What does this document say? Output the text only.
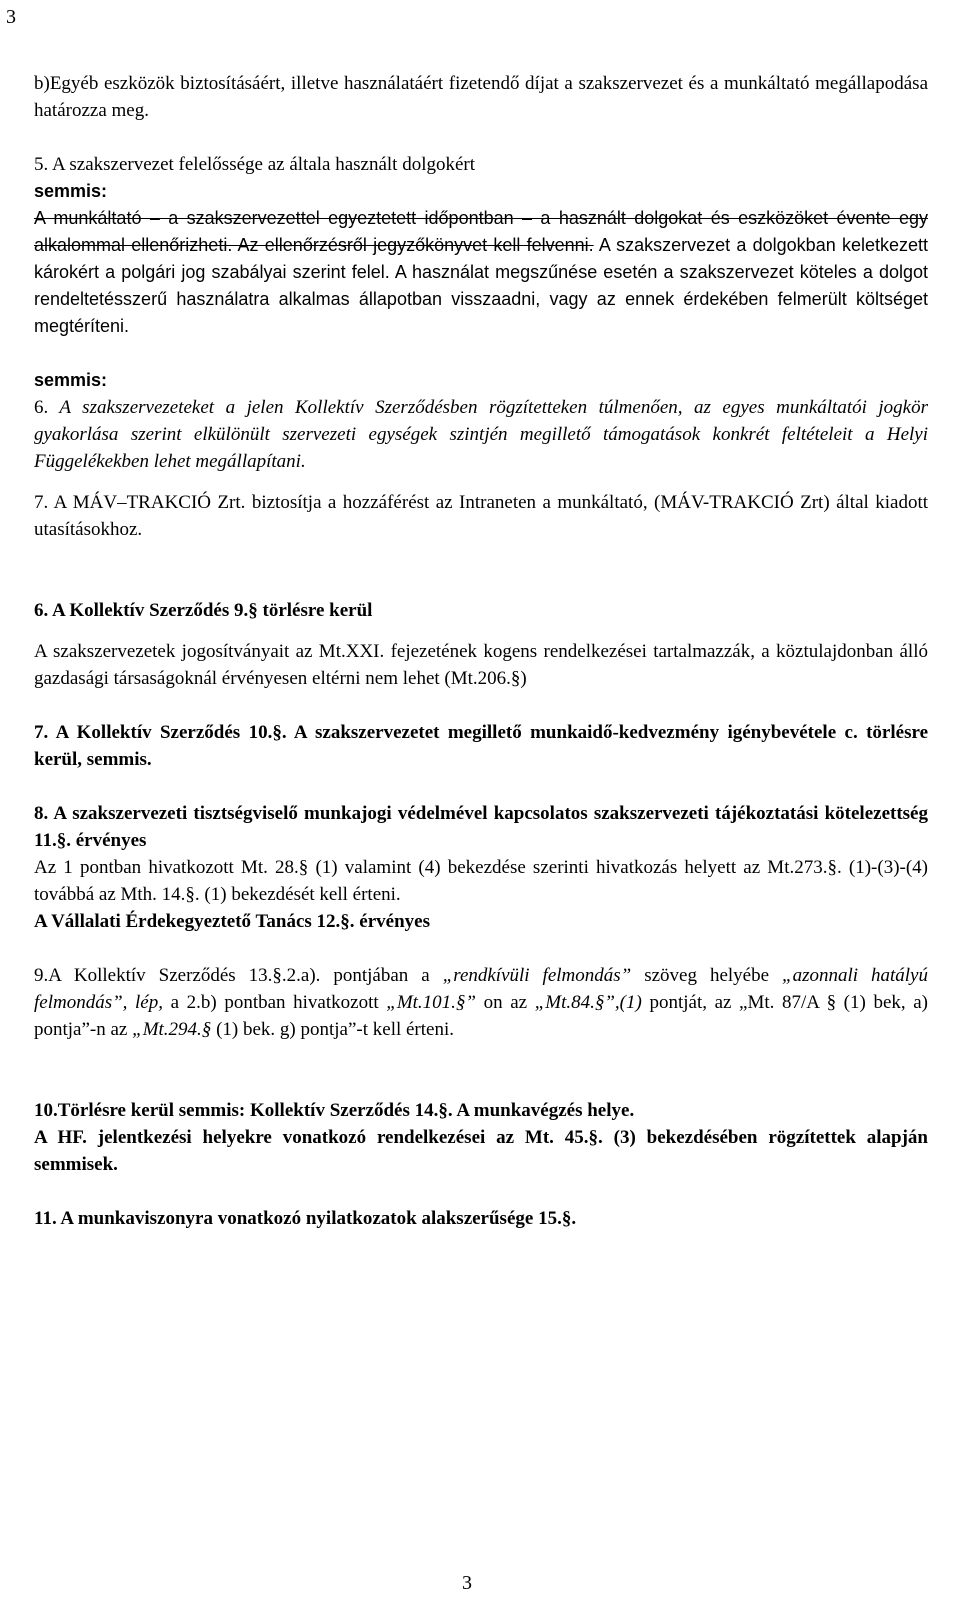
3

b)Egyéb eszközök biztosításáért, illetve használatáért fizetendő díjat a szakszervezet és a munkáltató megállapodása határozza meg.

5. A szakszervezet felelőssége az általa használt dolgokért

semmis:

A munkáltató – a szakszervezettel egyeztetett időpontban – a használt dolgokat és eszközöket évente egy alkalommal ellenőrizheti. Az ellenőrzésről jegyzőkönyvet kell felvenni. A szakszervezet a dolgokban keletkezett károkért a polgári jog szabályai szerint felel. A használat megszűnése esetén a szakszervezet köteles a dolgot rendeltetésszerű használatra alkalmas állapotban visszaadni, vagy az ennek érdekében felmerült költséget megtéríteni.

semmis:

6. A szakszervezeteket a jelen Kollektív Szerződésben rögzítetteken túlmenően, az egyes munkáltatói jogkör gyakorlása szerint elkülönült szervezeti egységek szintjén megillető támogatások konkrét feltételeit a Helyi Függelékekben lehet megállapítani.

7. A MÁV–TRAKCIÓ Zrt. biztosítja a hozzáférést az Intraneten a munkáltató, (MÁV-TRAKCIÓ Zrt) által kiadott utasításokhoz.

6. A Kollektív Szerződés 9.§ törlésre kerül

A szakszervezetek jogosítványait az Mt.XXI. fejezetének kogens rendelkezései tartalmazzák, a köztulajdonban álló gazdasági társaságoknál érvényesen eltérni nem lehet (Mt.206.§)

7. A Kollektív Szerződés 10.§. A szakszervezetet megillető munkaidő-kedvezmény igénybevétele c. törlésre kerül, semmis.

8. A szakszervezeti tisztségviselő munkajogi védelmével kapcsolatos szakszervezeti tájékoztatási kötelezettség 11.§. érvényes

Az 1 pontban hivatkozott Mt. 28.§ (1) valamint (4) bekezdése szerinti hivatkozás helyett az Mt.273.§. (1)-(3)-(4) továbbá az Mth. 14.§. (1) bekezdését kell érteni.

A Vállalati Érdekegyeztető Tanács 12.§. érvényes

9.A Kollektív Szerződés 13.§.2.a). pontjában a „rendkívüli felmondás” szöveg helyébe „azonnali hatályú felmondás”, lép, a 2.b) pontban hivatkozott „Mt.101.§” on az „Mt.84.§”,(1) pontját, az „Mt. 87/A § (1) bek, a) pontja”-n az „Mt.294.§ (1) bek. g) pontja”-t kell érteni.

10.Törlésre kerül semmis: Kollektív Szerződés 14.§. A munkavégzés helye.

A HF. jelentkezési helyekre vonatkozó rendelkezései az Mt. 45.§. (3) bekezdésében rögzítettek alapján semmisek.

11. A munkaviszonyra vonatkozó nyilatkozatok alakszerűsége 15.§.

3
